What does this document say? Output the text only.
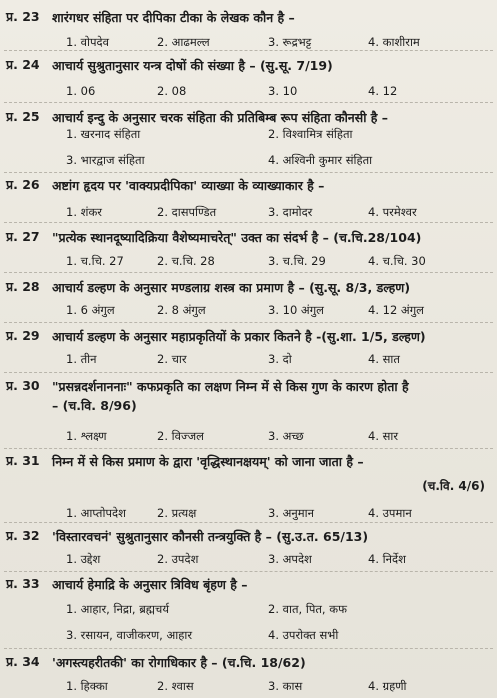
प्र. 23 शारंगधर संहिता पर दीपिका टीका के लेखक कौन है –
1. वोपदेव	2. आढमल्ल	3. रूद्रभट्ट	4. काशीराम
प्र. 24 आचार्य सुश्रुतानुसार यन्त्र दोषों की संख्या है – (सु.सू. 7/19)
1. 06	2. 08	3. 10	4. 12
प्र. 25 आचार्य इन्दु के अनुसार चरक संहिता की प्रतिबिम्ब रूप संहिता कौनसी है –
1. खरनाद संहिता	2. विश्वामित्र संहिता
3. भारद्वाज संहिता	4. अश्विनी कुमार संहिता
प्र. 26 अष्टांग हृदय पर 'वाक्यप्रदीपिका' व्याख्या के व्याख्याकार है –
1. शंकर	2. दासपण्डित	3. दामोदर	4. परमेश्वर
प्र. 27 "प्रत्येक स्थानदूष्यादिक्रिया वैशेष्यमाचरेत्" उक्त का संदर्भ है – (च.चि.28/104)
1. च.चि. 27	2. च.चि. 28	3. च.चि. 29	4. च.चि. 30
प्र. 28 आचार्य डल्हण के अनुसार मण्डलाग्र शस्त्र का प्रमाण है – (सु.सू. 8/3, डल्हण)
1. 6 अंगुल	2. 8 अंगुल	3. 10 अंगुल	4. 12 अंगुल
प्र. 29 आचार्य डल्हण के अनुसार महाप्रकृतियों के प्रकार कितने है -(सु.शा. 1/5, डल्हण)
1. तीन	2. चार	3. दो	4. सात
प्र. 30 "प्रसन्नदर्शनाननाः" कफप्रकृति का लक्षण निम्न में से किस गुण के कारण होता है
– (च.वि. 8/96)
1. श्लक्ष्ण	2. विज्जल	3. अच्छ	4. सार
प्र. 31 निम्न में से किस प्रमाण के द्वारा 'वृद्धिस्थानक्षयम्' को जाना जाता है –
(च.वि. 4/6)
1. आप्तोपदेश	2. प्रत्यक्ष	3. अनुमान	4. उपमान
प्र. 32 'विस्तारवचनं' सुश्रुतानुसार कौनसी तन्त्रयुक्ति है – (सु.उ.त. 65/13)
1. उद्देश	2. उपदेश	3. अपदेश	4. निर्देश
प्र. 33 आचार्य हेमाद्रि के अनुसार त्रिविध बृंहण है –
1. आहार, निद्रा, ब्रह्मचर्य	2. वात, पित, कफ
3. रसायन, वाजीकरण, आहार	4. उपरोक्त सभी
प्र. 34 'अगस्त्यहरीतकी' का रोगाधिकार है – (च.चि. 18/62)
1. हिक्का	2. श्वास	3. कास	4. ग्रहणी
